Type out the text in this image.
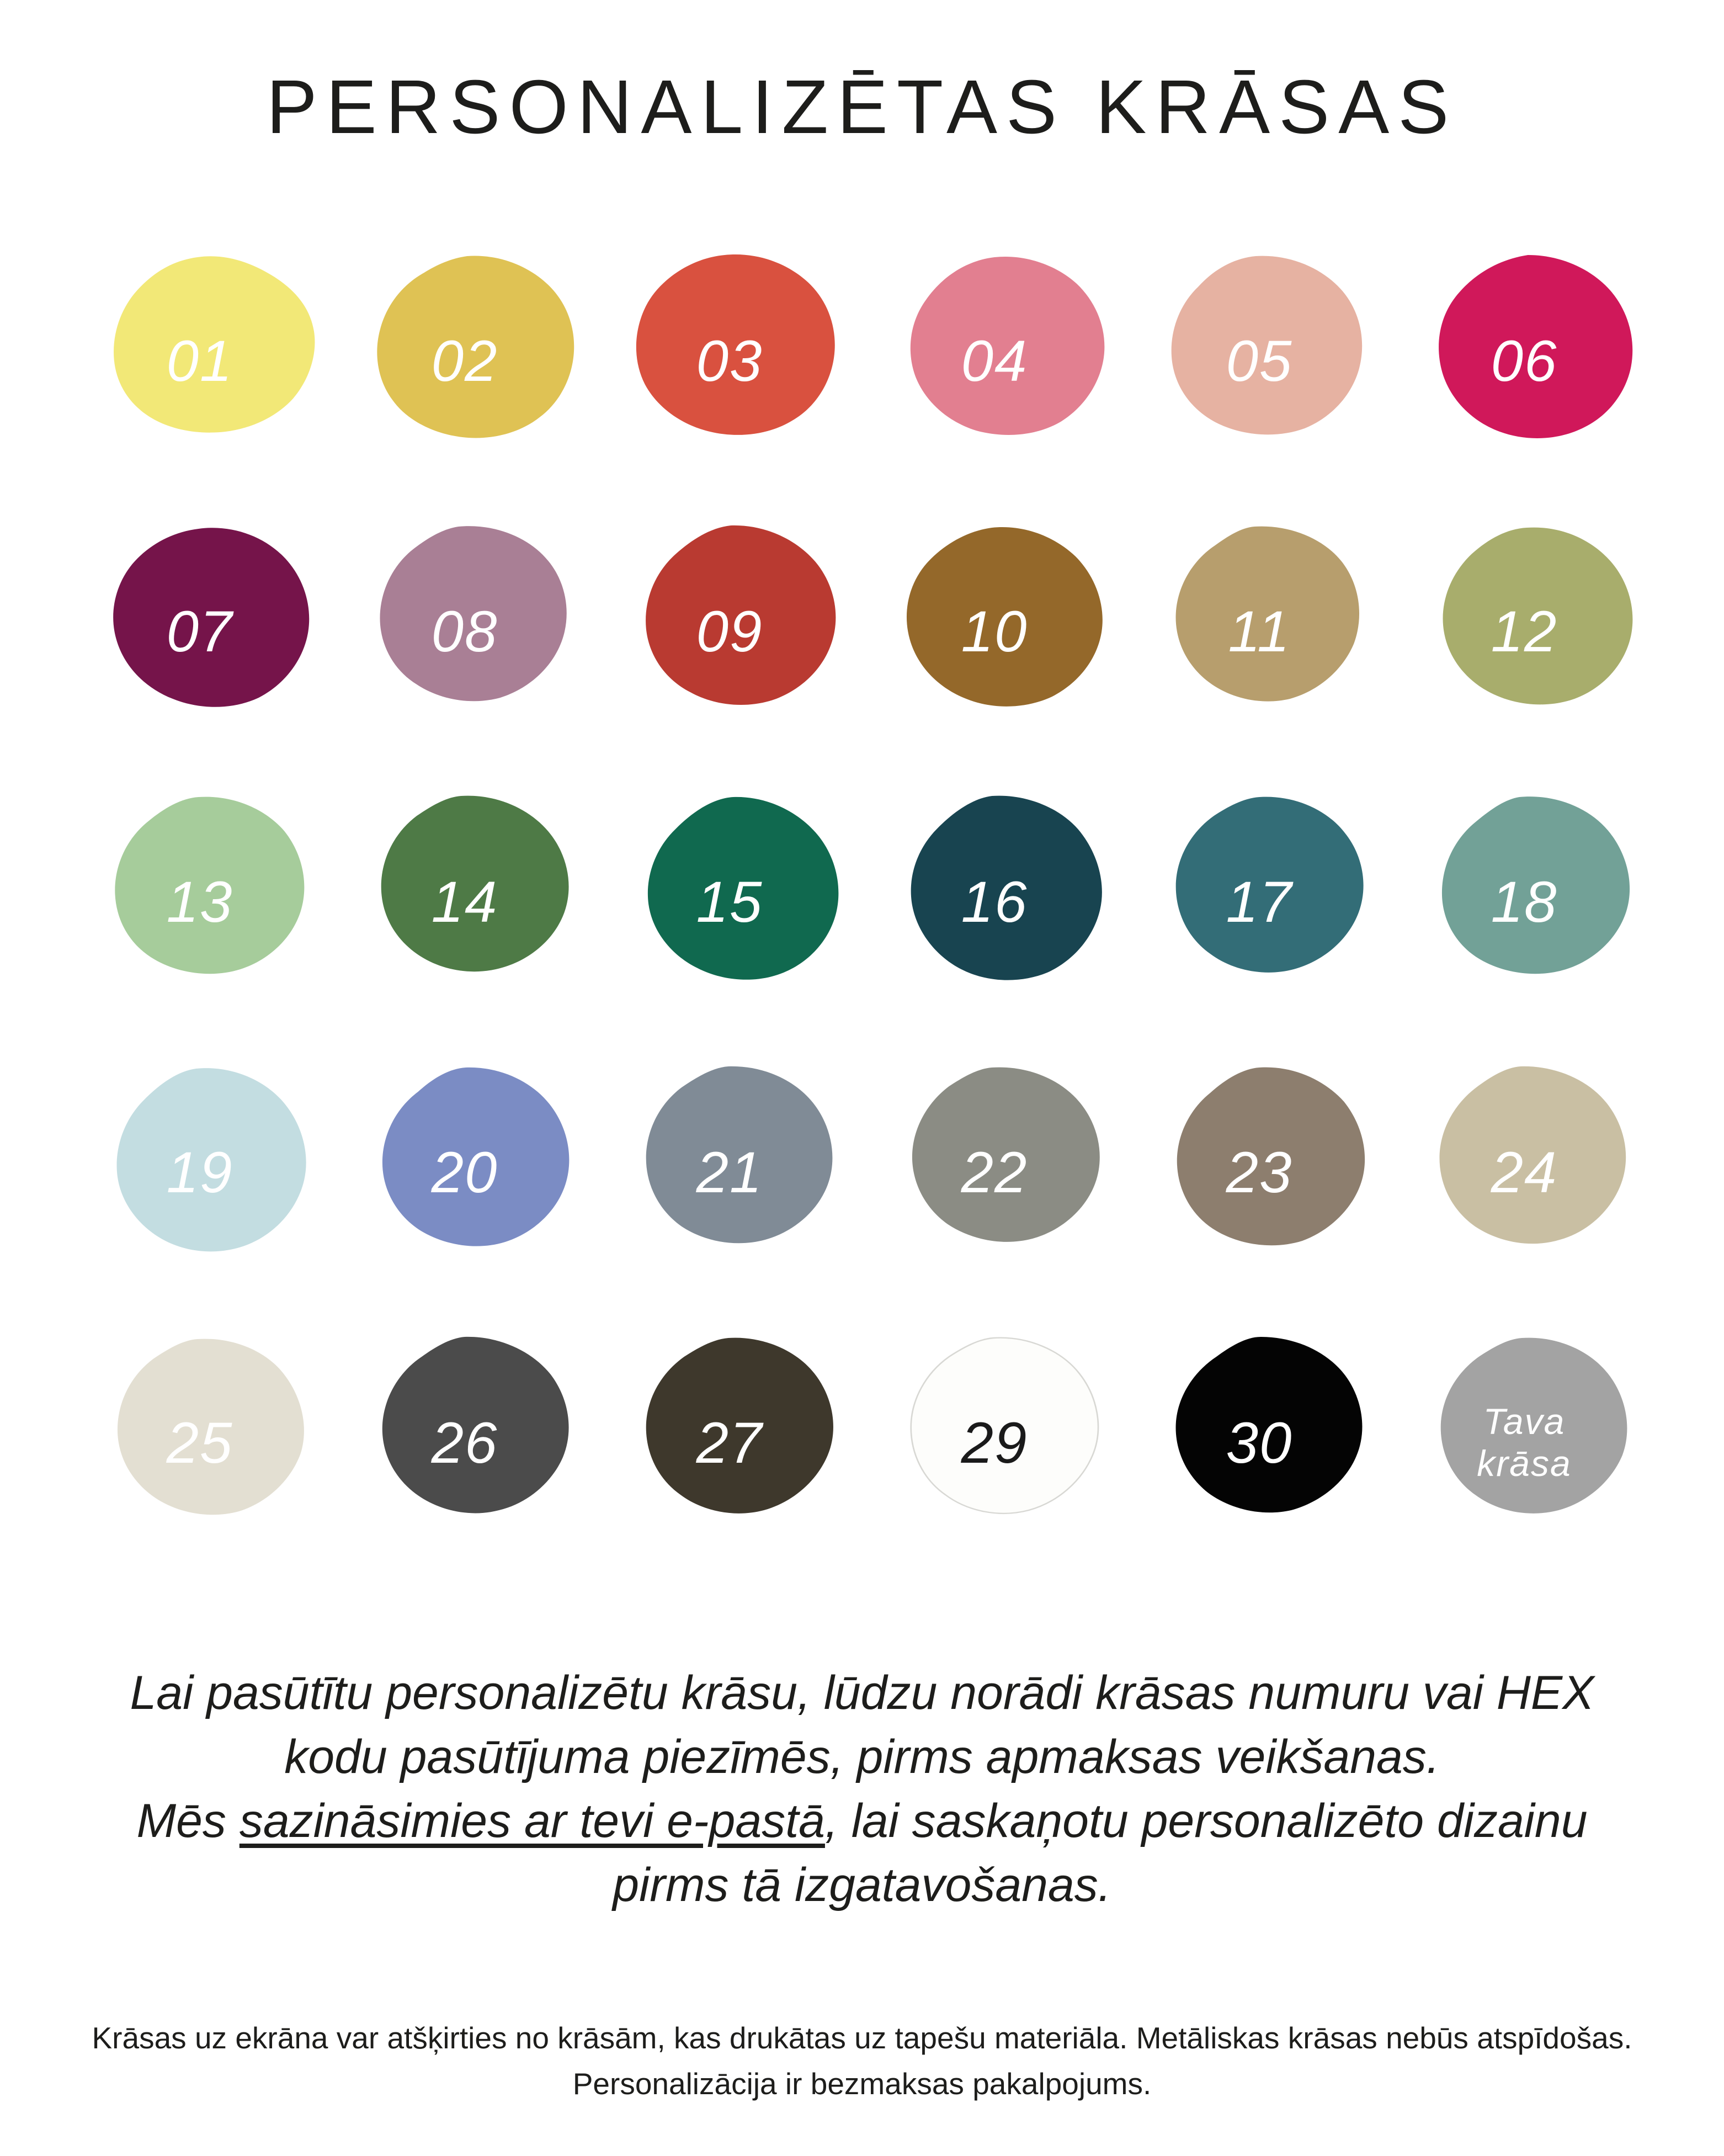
PERSONALIZĒTAS KRĀSAS
01	02	03	04	05	06
07	08	09	10	11	12
13	14	15	16	17	18
19	20	21	22	23	24
25	26	27	29	30	Tava
krāsa
Lai pasūtītu personalizētu krāsu, lūdzu norādi krāsas numuru vai HEX
kodu pasūtījuma piezīmēs, pirms apmaksas veikšanas.
Mēs sazināsimies ar tevi e-pastā, lai saskaņotu personalizēto dizainu
pirms tā izgatavošanas.
Krāsas uz ekrāna var atšķirties no krāsām, kas drukātas uz tapešu materiāla. Metāliskas krāsas nebūs atspīdošas.
Personalizācija ir bezmaksas pakalpojums.
